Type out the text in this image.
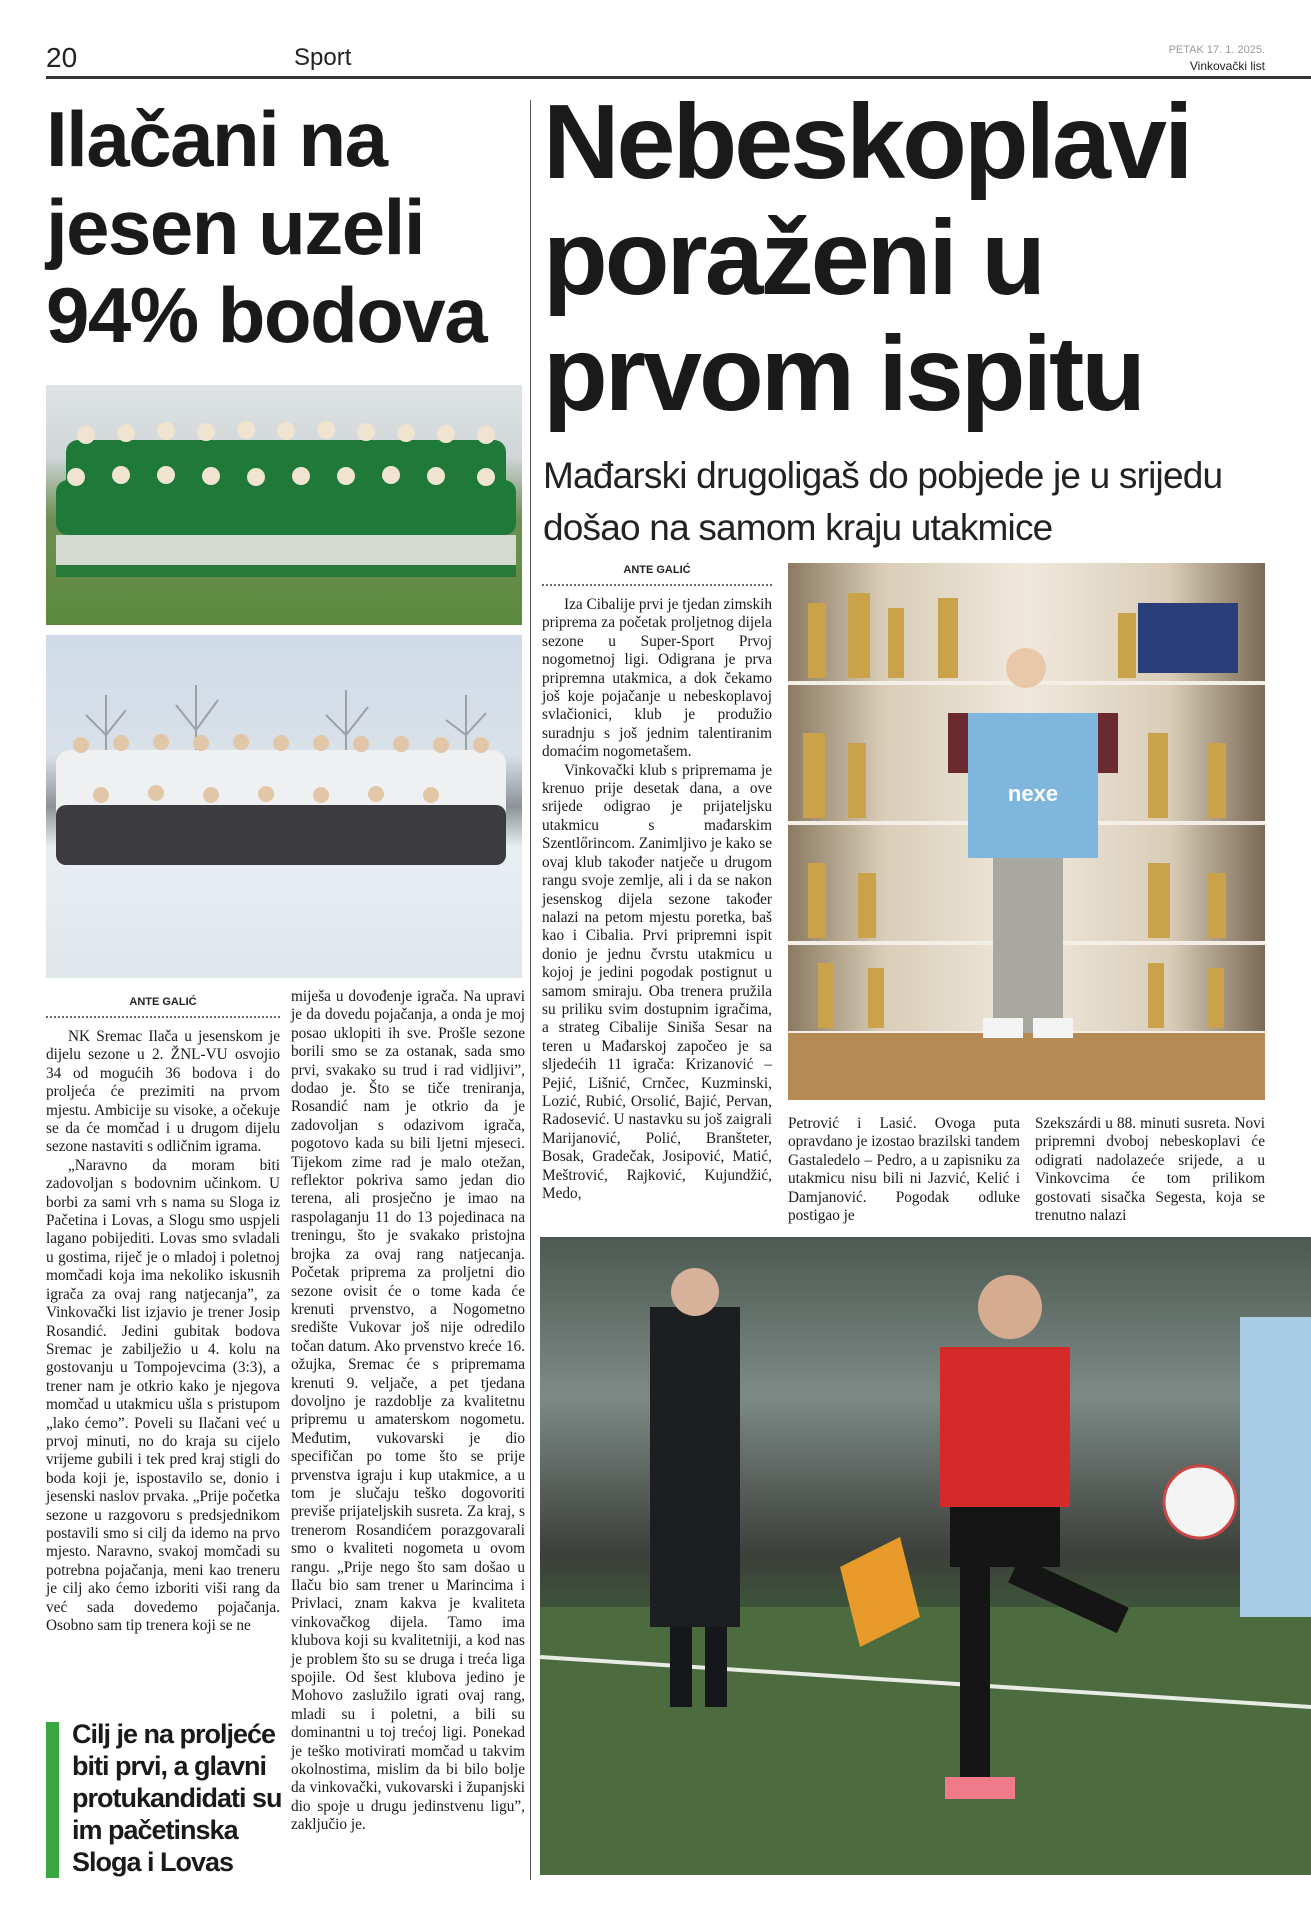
20	Sport	PETAK 17. 1. 2025.
Vinkovački list
Ilačani na jesen uzeli 94% bodova
ANTE GALIĆ

NK Sremac Ilača u jesenskom je dijelu sezone u 2. ŽNL-VU osvojio 34 od mogućih 36 bodova i do proljeća će prezimiti na prvom mjestu. Ambicije su visoke, a očekuje se da će momčad i u drugom dijelu sezone nastaviti s odličnim igrama.

„Naravno da moram biti zadovoljan s bodovnim učinkom. U borbi za sami vrh s nama su Sloga iz Pačetina i Lovas, a Slogu smo uspjeli lagano pobijediti. Lovas smo svladali u gostima, riječ je o mladoj i poletnoj momčadi koja ima nekoliko iskusnih igrača za ovaj rang natjecanja”, za Vinkovački list izjavio je trener Josip Rosandić. Jedini gubitak bodova Sremac je zabilježio u 4. kolu na gostovanju u Tompojevcima (3:3), a trener nam je otkrio kako je njegova momčad u utakmicu ušla s pristupom „lako ćemo”. Poveli su Ilačani već u prvoj minuti, no do kraja su cijelo vrijeme gubili i tek pred kraj stigli do boda koji je, ispostavilo se, donio i jesenski naslov prvaka. „Prije početka sezone u razgovoru s predsjednikom postavili smo si cilj da idemo na prvo mjesto. Naravno, svakoj momčadi su potrebna pojačanja, meni kao treneru je cilj ako ćemo izboriti viši rang da već sada dovedemo pojačanja. Osobno sam tip trenera koji se ne

miješa u dovođenje igrača. Na upravi je da dovedu pojačanja, a onda je moj posao uklopiti ih sve. Prošle sezone borili smo se za ostanak, sada smo prvi, svakako su trud i rad vidljivi”, dodao je. Što se tiče treniranja, Rosandić nam je otkrio da je zadovoljan s odazivom igrača, pogotovo kada su bili ljetni mjeseci. Tijekom zime rad je malo otežan, reflektor pokriva samo jedan dio terena, ali prosječno je imao na raspolaganju 11 do 13 pojedinaca na treningu, što je svakako pristojna brojka za ovaj rang natjecanja. Početak priprema za proljetni dio sezone ovisit će o tome kada će krenuti prvenstvo, a Nogometno središte Vukovar još nije odredilo točan datum. Ako prvenstvo kreće 16. ožujka, Sremac će s pripremama krenuti 9. veljače, a pet tjedana dovoljno je razdoblje za kvalitetnu pripremu u amaterskom nogometu. Međutim, vukovarski je dio specifičan po tome što se prije prvenstva igraju i kup utakmice, a u tom je slučaju teško dogovoriti previše prijateljskih susreta. Za kraj, s trenerom Rosandićem porazgovarali smo o kvaliteti nogometa u ovom rangu. „Prije nego što sam došao u Ilaču bio sam trener u Marincima i Privlaci, znam kakva je kvaliteta vinkovačkog dijela. Tamo ima klubova koji su kvalitetniji, a kod nas je problem što su se druga i treća liga spojile. Od šest klubova jedino je Mohovo zaslužilo igrati ovaj rang, mladi su i poletni, a bili su dominantni u toj trećoj ligi. Ponekad je teško motivirati momčad u takvim okolnostima, mislim da bi bilo bolje da vinkovački, vukovarski i županjski dio spoje u drugu jedinstvenu ligu”, zaključio je.

Cilj je na proljeće biti prvi, a glavni protukandidati su im pačetinska Sloga i Lovas
Nebeskoplavi poraženi u prvom ispitu
Mađarski drugoligaš do pobjede je u srijedu došao na samom kraju utakmice
ANTE GALIĆ

Iza Cibalije prvi je tjedan zimskih priprema za početak proljetnog dijela sezone u Super-Sport Prvoj nogometnoj ligi. Odigrana je prva pripremna utakmica, a dok čekamo još koje pojačanje u nebeskoplavoj svlačionici, klub je produžio suradnju s još jednim talentiranim domaćim nogometašem.

Vinkovački klub s pripremama je krenuo prije desetak dana, a ove srijede odigrao je prijateljsku utakmicu s mađarskim Szentlőrincom. Zanimljivo je kako se ovaj klub također natječe u drugom rangu svoje zemlje, ali i da se nakon jesenskog dijela sezone također nalazi na petom mjestu poretka, baš kao i Cibalia. Prvi pripremni ispit donio je jednu čvrstu utakmicu u kojoj je jedini pogodak postignut u samom smiraju. Oba trenera pružila su priliku svim dostupnim igračima, a strateg Cibalije Siniša Sesar na teren u Mađarskoj započeo je sa sljedećih 11 igrača: Krizanović – Pejić, Lišnić, Crnčec, Kuzminski, Lozić, Rubić, Orsolić, Bajić, Pervan, Radosević. U nastavku su još zaigrali Marijanović, Polić, Branšteter, Bosak, Gradečak, Josipović, Matić, Meštrović, Rajković, Kujundžić, Medo,

nexe

Petrović i Lasić. Ovoga puta opravdano je izostao brazilski tandem Gastaledelo – Pedro, a u zapisniku za utakmicu nisu bili ni Jazvić, Kelić i Damjanović. Pogodak odluke postigao je

Szekszárdi u 88. minuti susreta. Novi pripremni dvoboj nebeskoplavi će odigrati nadolazeće srijede, a u Vinkovcima će tom prilikom gostovati sisačka Segesta, koja se trenutno nalazi
